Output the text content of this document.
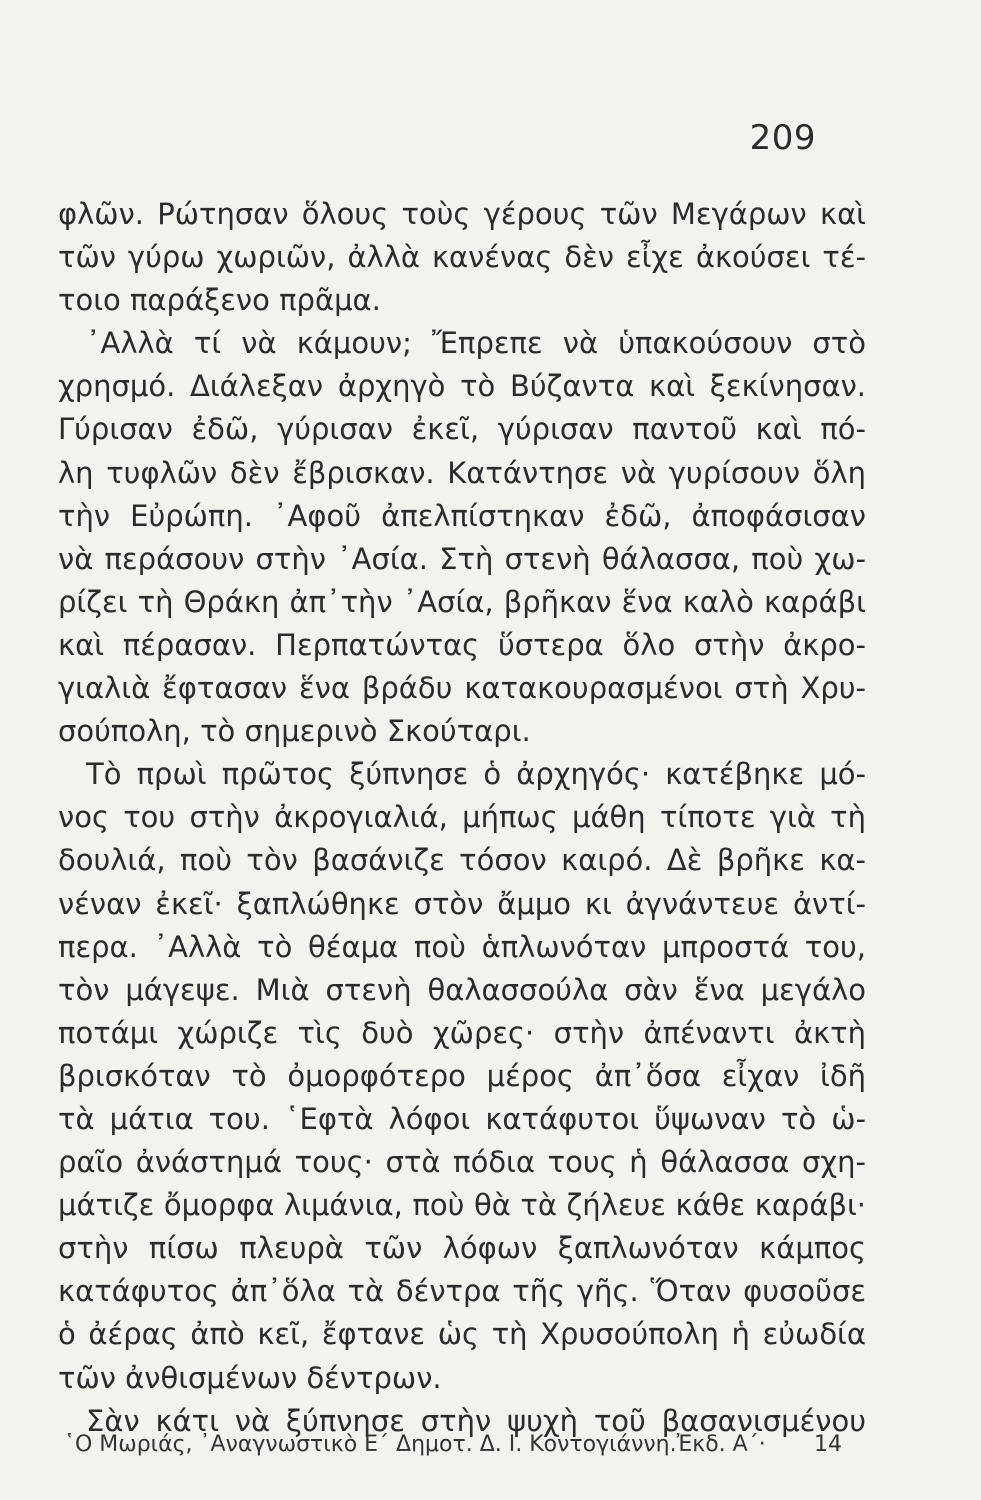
209
φλῶν. Ρώτησαν ὅλους τοὺς γέρους τῶν Μεγάρων καὶ
τῶν γύρω χωριῶν, ἀλλὰ κανένας δὲν εἶχε ἀκούσει τέ-
τοιο παράξενο πρᾶμα.
᾿Αλλὰ τί νὰ κάμουν; Ἔπρεπε νὰ ὑπακούσουν στὸ
χρησμό. Διάλεξαν ἀρχηγὸ τὸ Βύζαντα καὶ ξεκίνησαν.
Γύρισαν ἐδῶ, γύρισαν ἐκεῖ, γύρισαν παντοῦ καὶ πό-
λη τυφλῶν δὲν ἔβρισκαν. Κατάντησε νὰ γυρίσουν ὅλη
τὴν Εὐρώπη. ᾿Αφοῦ ἀπελπίστηκαν ἐδῶ, ἀποφάσισαν
νὰ περάσουν στὴν ᾿Ασία. Στὴ στενὴ θάλασσα, ποὺ χω-
ρίζει τὴ Θράκη ἀπ᾿τὴν ᾿Ασία, βρῆκαν ἕνα καλὸ καράβι
καὶ πέρασαν. Περπατώντας ὕστερα ὅλο στὴν ἀκρο-
γιαλιὰ ἔφτασαν ἕνα βράδυ κατακουρασμένοι στὴ Χρυ-
σούπολη, τὸ σημερινὸ Σκούταρι.
Τὸ πρωὶ πρῶτος ξύπνησε ὁ ἀρχηγός· κατέβηκε μό-
νος του στὴν ἀκρογιαλιά, μήπως μάθη τίποτε γιὰ τὴ
δουλιά, ποὺ τὸν βασάνιζε τόσον καιρό. Δὲ βρῆκε κα-
νέναν ἐκεῖ· ξαπλώθηκε στὸν ἄμμο κι ἀγνάντευε ἀντί-
περα. ᾿Αλλὰ τὸ θέαμα ποὺ ἁπλωνόταν μπροστά του,
τὸν μάγεψε. Μιὰ στενὴ θαλασσούλα σὰν ἕνα μεγάλο
ποτάμι χώριζε τὶς δυὸ χῶρες· στὴν ἀπέναντι ἀκτὴ
βρισκόταν τὸ ὀμορφότερο μέρος ἀπ᾿ὅσα εἶχαν ἰδῆ
τὰ μάτια του. ῾Εφτὰ λόφοι κατάφυτοι ὕψωναν τὸ ὡ-
ραῖο ἀνάστημά τους· στὰ πόδια τους ἡ θάλασσα σχη-
μάτιζε ὄμορφα λιμάνια, ποὺ θὰ τὰ ζήλευε κάθε καράβι·
στὴν πίσω πλευρὰ τῶν λόφων ξαπλωνόταν κάμπος
κατάφυτος ἀπ᾿ὅλα τὰ δέντρα τῆς γῆς. Ὅταν φυσοῦσε
ὁ ἀέρας ἀπὸ κεῖ, ἔφτανε ὡς τὴ Χρυσούπολη ἡ εὐωδία
τῶν ἀνθισμένων δέντρων.
Σὰν κάτι νὰ ξύπνησε στὴν ψυχὴ τοῦ βασανισμένου
῾Ο Μωριάς, ᾿Αναγνωστικὸ Ε΄ Δημοτ. Δ. Ι. Κοντογιάννη.Ἐκδ. Α΄· 14
